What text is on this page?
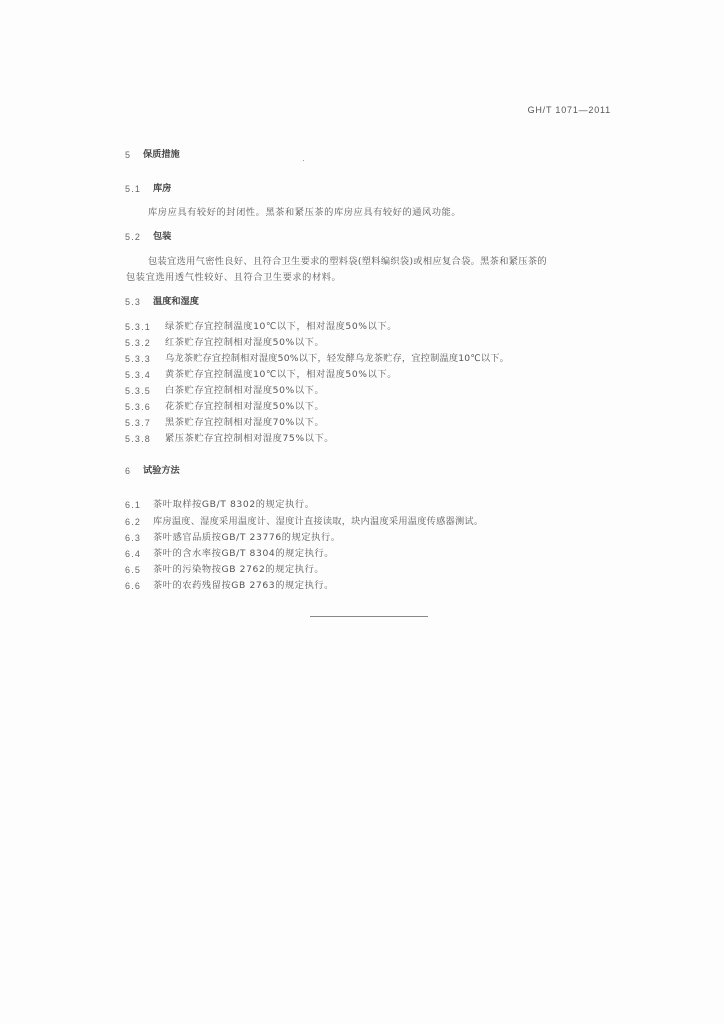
GH/T 1071—2011
5 保质措施
5.1 库房
库房应具有较好的封闭性。黑茶和紧压茶的库房应具有较好的通风功能。
5.2 包装
包装宜选用气密性良好、且符合卫生要求的塑料袋(塑料编织袋)或相应复合袋。黑茶和紧压茶的
包装宜选用透气性较好、且符合卫生要求的材料。
5.3 温度和湿度
5.3.1 绿茶贮存宜控制温度10℃以下，相对湿度50%以下。
5.3.2 红茶贮存宜控制相对湿度50%以下。
5.3.3 乌龙茶贮存宜控制相对湿度50%以下，轻发酵乌龙茶贮存，宜控制温度10℃以下。
5.3.4 黄茶贮存宜控制温度10℃以下，相对湿度50%以下。
5.3.5 白茶贮存宜控制相对湿度50%以下。
5.3.6 花茶贮存宜控制相对湿度50%以下。
5.3.7 黑茶贮存宜控制相对湿度70%以下。
5.3.8 紧压茶贮存宜控制相对湿度75%以下。
6 试验方法
6.1 茶叶取样按GB/T 8302的规定执行。
6.2 库房温度、湿度采用温度计、湿度计直接读取，块内温度采用温度传感器测试。
6.3 茶叶感官品质按GB/T 23776的规定执行。
6.4 茶叶的含水率按GB/T 8304的规定执行。
6.5 茶叶的污染物按GB 2762的规定执行。
6.6 茶叶的农药残留按GB 2763的规定执行。
